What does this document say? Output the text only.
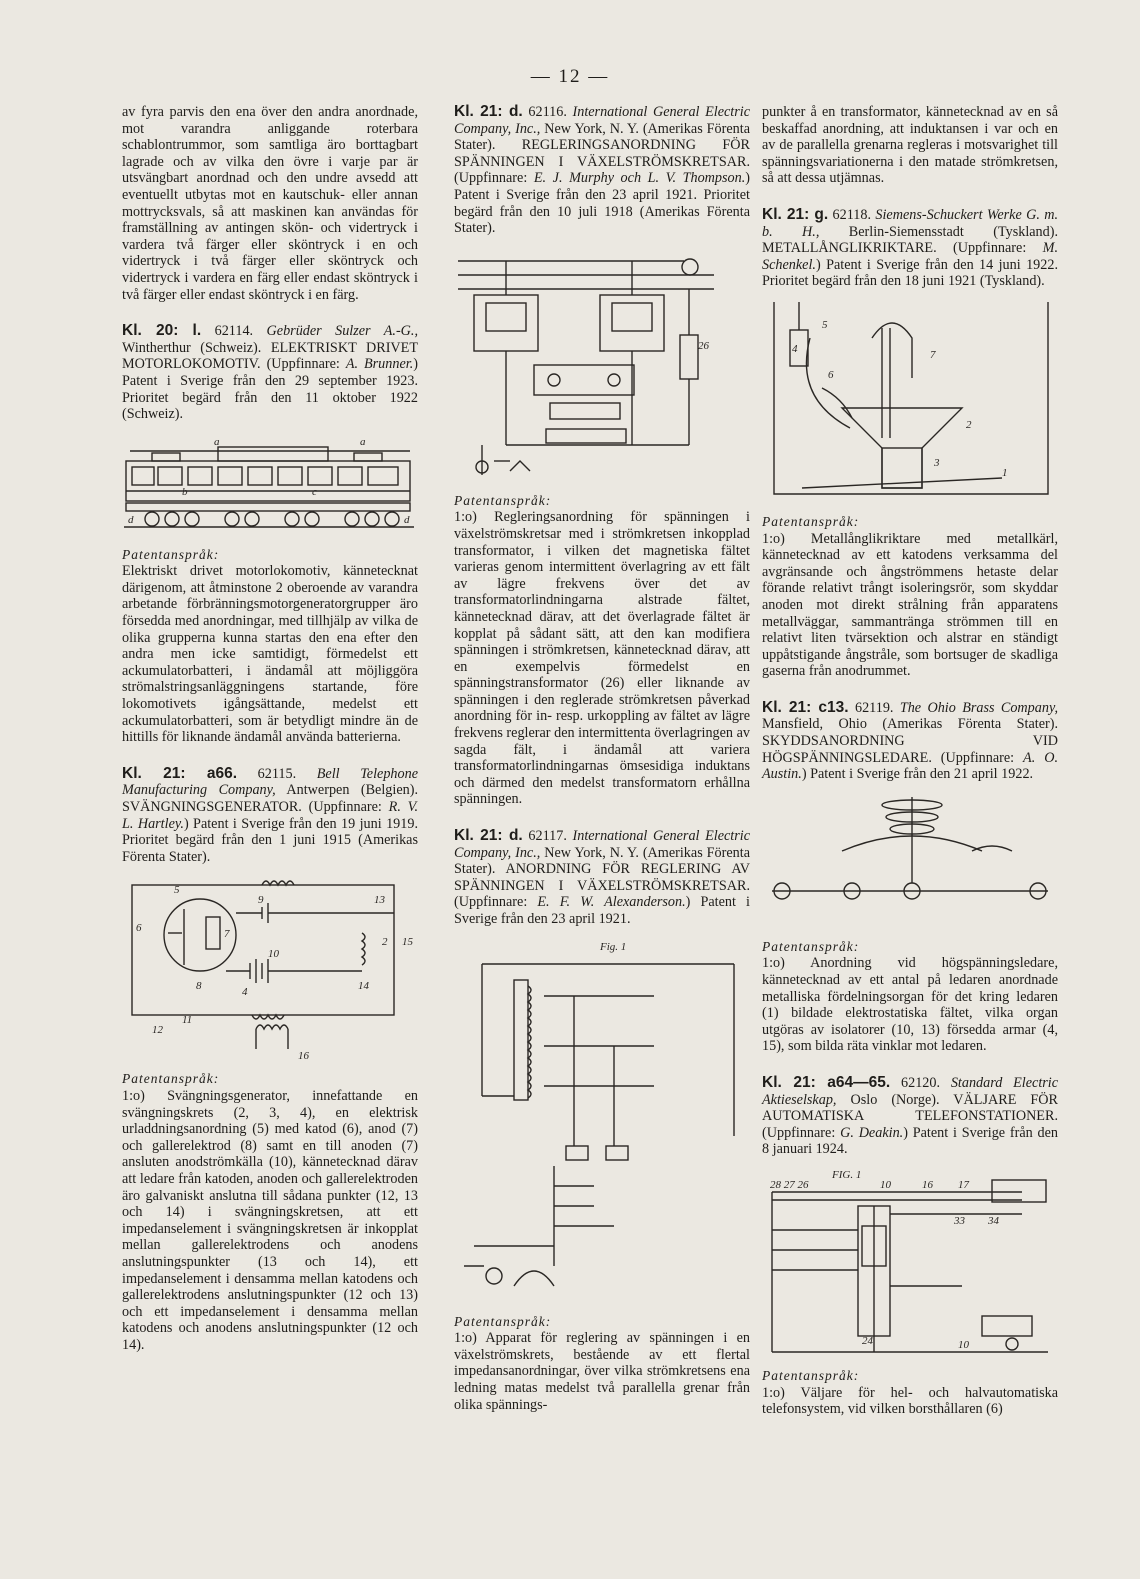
— 12 —

av fyra parvis den ena över den andra anordnade, mot varandra anliggande roterbara schablontrummor, som samtliga äro borttagbart lagrade och av vilka den övre i varje par är utsvängbart anordnad och den undre avsedd att eventuellt utbytas mot en kautschuk- eller annan mottrycksvals, så att maskinen kan användas för framställning av antingen skön- och vidertryck i vardera två färger eller sköntryck i en och vidertryck i två färger eller sköntryck och vidertryck i vardera en färg eller endast sköntryck i två färger eller endast sköntryck i en färg.

Kl. 20: l. 62114. Gebrüder Sulzer A.-G., Wintherthur (Schweiz). ELEKTRISKT DRIVET MOTORLOKOMOTIV. (Uppfinnare: A. Brunner.) Patent i Sverige från den 29 september 1923. Prioritet begärd från den 11 oktober 1922 (Schweiz).

a	a
b	c
d	d

Patentanspråk:

Elektriskt drivet motorlokomotiv, kännetecknat därigenom, att åtminstone 2 oberoende av varandra arbetande förbränningsmotorgeneratorgrupper äro försedda med anordningar, med tillhjälp av vilka de olika grupperna kunna startas den ena efter den andra men icke samtidigt, förmedelst ett ackumulatorbatteri, i ändamål att möjliggöra strömalstringsanläggningens startande, före lokomotivets igångsättande, medelst ett ackumulatorbatteri, som är betydligt mindre än de hittills för liknande ändamål använda batterierna.

Kl. 21: a66. 62115. Bell Telephone Manufacturing Company, Antwerpen (Belgien). SVÄNGNINGSGENERATOR. (Uppfinnare: R. V. L. Hartley.) Patent i Sverige från den 19 juni 1919. Prioritet begärd från den 1 juni 1915 (Amerikas Förenta Stater).

5
9	13
6	7
2 15
10
8	4	14
12
11
16

Patentanspråk:

1:o) Svängningsgenerator, innefattande en svängningskrets (2, 3, 4), en elektrisk urladdningsanordning (5) med katod (6), anod (7) och gallerelektrod (8) samt en till anoden (7) ansluten anodströmkälla (10), kännetecknad därav att ledare från katoden, anoden och gallerelektroden äro galvaniskt anslutna till sådana punkter (12, 13 och 14) i svängningskretsen, att ett impedanselement i svängningskretsen är inkopplat mellan gallerelektrodens och anodens anslutningspunkter (13 och 14), ett impedanselement i densamma mellan katodens och gallerelektrodens anslutningspunkter (12 och 13) och ett impedanselement i densamma mellan katodens och anodens anslutningspunkter (12 och 14).

Kl. 21: d. 62116. International General Electric Company, Inc., New York, N. Y. (Amerikas Förenta Stater). REGLERINGSANORDNING FÖR SPÄNNINGEN I VÄXELSTRÖMSKRETSAR. (Uppfinnare: E. J. Murphy och L. V. Thompson.) Patent i Sverige från den 23 april 1921. Prioritet begärd från den 10 juli 1918 (Amerikas Förenta Stater).

26

Patentanspråk:

1:o) Regleringsanordning för spänningen i växelströmskretsar med i strömkretsen inkopplad transformator, i vilken det magnetiska fältet varieras genom intermittent överlagring av ett fält av lägre frekvens över det av transformatorlindningarna alstrade fältet, kännetecknad därav, att det överlagrade fältet är kopplat på sådant sätt, att den kan modifiera spänningen i strömkretsen, kännetecknad därav, att en exempelvis förmedelst en spänningstransformator (26) eller liknande av spänningen i den reglerade strömkretsen påverkad anordning för in- resp. urkoppling av fältet av lägre frekvens reglerar den intermittenta överlagringen av sagda fält, i ändamål att variera transformatorlindningarnas ömsesidiga induktans och därmed den medelst transformatorn erhållna spänningen.

Kl. 21: d. 62117. International General Electric Company, Inc., New York, N. Y. (Amerikas Förenta Stater). ANORDNING FÖR REGLERING AV SPÄNNINGEN I VÄXELSTRÖMSKRETSAR. (Uppfinnare: E. F. W. Alexanderson.) Patent i Sverige från den 23 april 1921.

Fig. 1

Patentanspråk:

1:o) Apparat för reglering av spänningen i en växelströmskrets, bestående av ett flertal impedansanordningar, över vilka strömkretsens ena ledning matas medelst två parallella grenar från olika spännings-

punkter å en transformator, kännetecknad av en så beskaffad anordning, att induktansen i var och en av de parallella grenarna regleras i motsvarighet till spänningsvariationerna i den matade strömkretsen, så att dessa utjämnas.

Kl. 21: g. 62118. Siemens-Schuckert Werke G. m. b. H., Berlin-Siemensstadt (Tyskland). METALLÅNGLIKRIKTARE. (Uppfinnare: M. Schenkel.) Patent i Sverige från den 14 juni 1922. Prioritet begärd från den 18 juni 1921 (Tyskland).

5
4	7
6
2
3
1

Patentanspråk:

1:o) Metallånglikriktare med metallkärl, kännetecknad av ett katodens verksamma del avgränsande och ångströmmens hetaste delar förande relativt trångt isoleringsrör, som skyddar anoden mot direkt strålning från apparatens metallväggar, sammantränga strömmen till en relativt liten tvärsektion och alstrar en ständigt uppåtstigande ångstråle, som bortsuger de skadliga gaserna från anodrummet.

Kl. 21: c13. 62119. The Ohio Brass Company, Mansfield, Ohio (Amerikas Förenta Stater). SKYDDSANORDNING VID HÖGSPÄNNINGSLEDARE. (Uppfinnare: A. O. Austin.) Patent i Sverige från den 21 april 1922.

Patentanspråk:

1:o) Anordning vid högspänningsledare, kännetecknad av ett antal på ledaren anordnade metalliska fördelningsorgan för det kring ledaren (1) bildade elektrostatiska fältet, vilka organ utgöras av isolatorer (10, 13) försedda armar (4, 15), som bilda räta vinklar mot ledaren.

Kl. 21: a64—65. 62120. Standard Electric Aktieselskap, Oslo (Norge). VÄLJARE FÖR AUTOMATISKA TELEFONSTATIONER. (Uppfinnare: G. Deakin.) Patent i Sverige från den 8 januari 1924.

FIG. 1
28 27 26	10	16 17
33 34
24	10

Patentanspråk:

1:o) Väljare för hel- och halvautomatiska telefonsystem, vid vilken borsthållaren (6)
